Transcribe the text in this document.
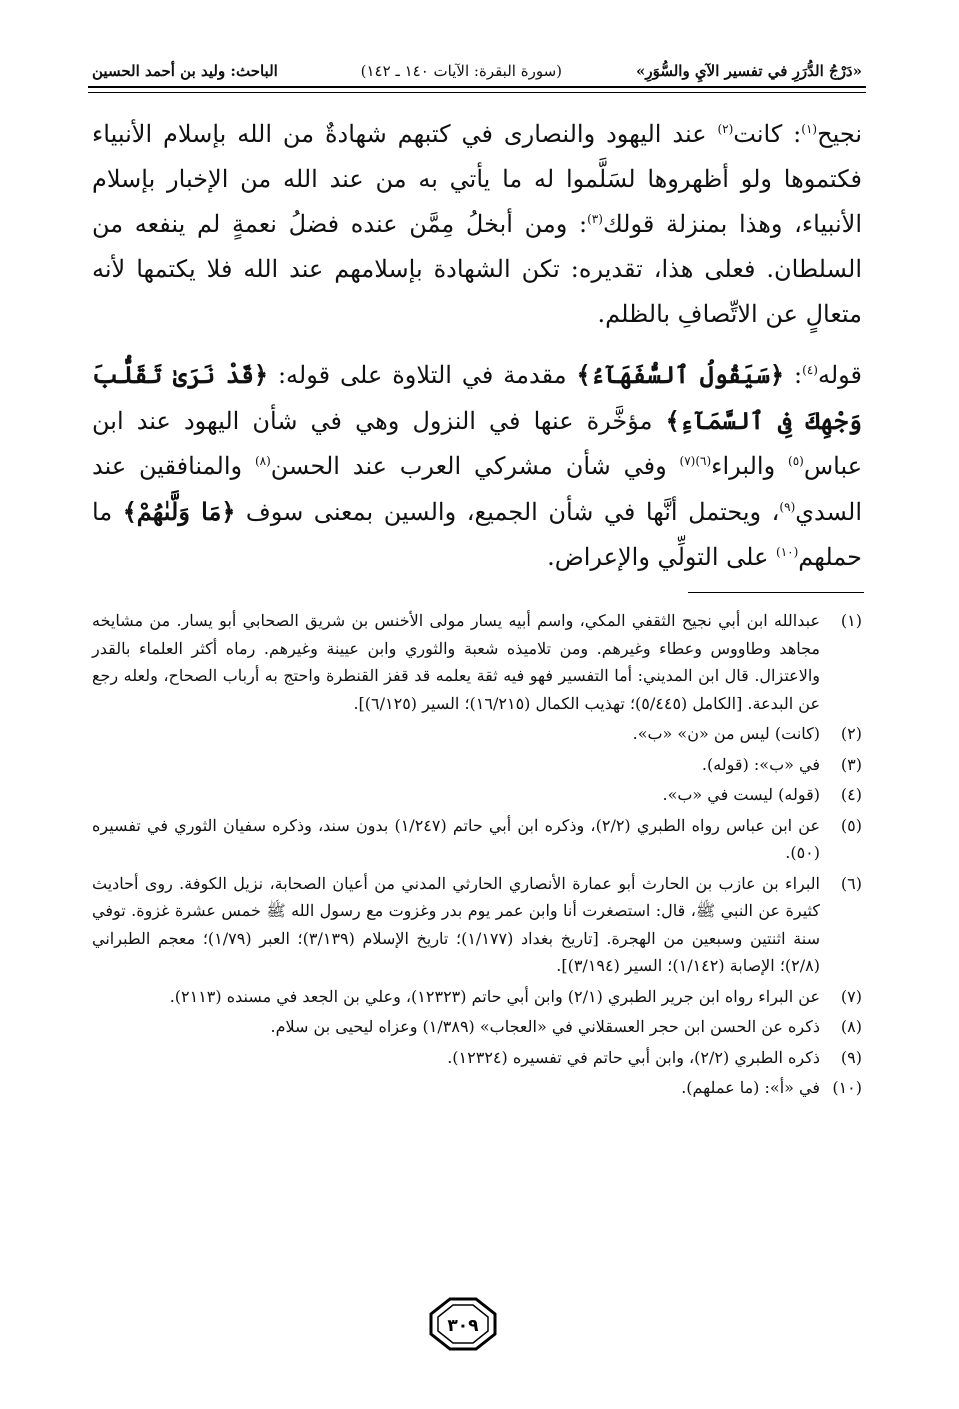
«دَرْجُ الدُّرَرِ في تفسير الآيِ والسُّوَرِ»
(سورة البقرة: الآيات ١٤٠ ـ ١٤٢)
الباحث: وليد بن أحمد الحسين

نجيح$^{(١)}$: كانت$^{(٢)}$ عند اليهود والنصارى في كتبهم شهادةٌ من الله بإسلام الأنبياء فكتموها ولو أظهروها لسَلَّموا له ما يأتي به من عند الله من الإخبار بإسلام الأنبياء، وهذا بمنزلة قولك$^{(٣)}$: ومن أبخلُ مِمَّن عنده فضلُ نعمةٍ لم ينفعه من السلطان. فعلى هذا، تقديره: تكن الشهادة بإسلامهم عند الله فلا يكتمها لأنه متعالٍ عن الاتِّصافِ بالظلم.

قوله$^{(٤)}$: ﴿سَيَقُولُ ٱلسُّفَهَآءُ﴾ مقدمة في التلاوة على قوله: ﴿قَدْ نَرَىٰ تَقَلُّبَ وَجْهِكَ فِى ٱلسَّمَآءِ﴾ مؤخَّرة عنها في النزول وهي في شأن اليهود عند ابن عباس$^{(٥)}$ والبراء$^{(٦)(٧)}$ وفي شأن مشركي العرب عند الحسن$^{(٨)}$ والمنافقين عند السدي$^{(٩)}$، ويحتمل أنَّها في شأن الجميع، والسين بمعنى سوف ﴿مَا وَلَّىٰهُمْ﴾ ما حملهم$^{(١٠)}$ على التولِّي والإعراض.

(١)
عبدالله ابن أبي نجيح الثقفي المكي، واسم أبيه يسار مولى الأخنس بن شريق الصحابي أبو يسار. من مشايخه مجاهد وطاووس وعطاء وغيرهم. ومن تلاميذه شعبة والثوري وابن عيينة وغيرهم. رماه أكثر العلماء بالقدر والاعتزال. قال ابن المديني: أما التفسير فهو فيه ثقة يعلمه قد قفز القنطرة واحتج به أرباب الصحاح، ولعله رجع عن البدعة. [الكامل (٥/٤٤٥)؛ تهذيب الكمال (١٦/٢١٥)؛ السير (٦/١٢٥)].
(٢)
(كانت) ليس من «ن» «ب».
(٣)
في «ب»: (قوله).
(٤)
(قوله) ليست في «ب».
(٥)
عن ابن عباس رواه الطبري (٢/٢)، وذكره ابن أبي حاتم (١/٢٤٧) بدون سند، وذكره سفيان الثوري في تفسيره (٥٠).
(٦)
البراء بن عازب بن الحارث أبو عمارة الأنصاري الحارثي المدني من أعيان الصحابة، نزيل الكوفة. روى أحاديث كثيرة عن النبي ﷺ، قال: استصغرت أنا وابن عمر يوم بدر وغزوت مع رسول الله ﷺ خمس عشرة غزوة. توفي سنة اثنتين وسبعين من الهجرة. [تاريخ بغداد (١/١٧٧)؛ تاريخ الإسلام (٣/١٣٩)؛ العبر (١/٧٩)؛ معجم الطبراني (٢/٨)؛ الإصابة (١/١٤٢)؛ السير (٣/١٩٤)].
(٧)
عن البراء رواه ابن جرير الطبري (٢/١) وابن أبي حاتم (١٢٣٢٣)، وعلي بن الجعد في مسنده (٢١١٣).
(٨)
ذكره عن الحسن ابن حجر العسقلاني في «العجاب» (١/٣٨٩) وعزاه ليحيى بن سلام.
(٩)
ذكره الطبري (٢/٢)، وابن أبي حاتم في تفسيره (١٢٣٢٤).
(١٠)
في «أ»: (ما عملهم).
٣٠٩
